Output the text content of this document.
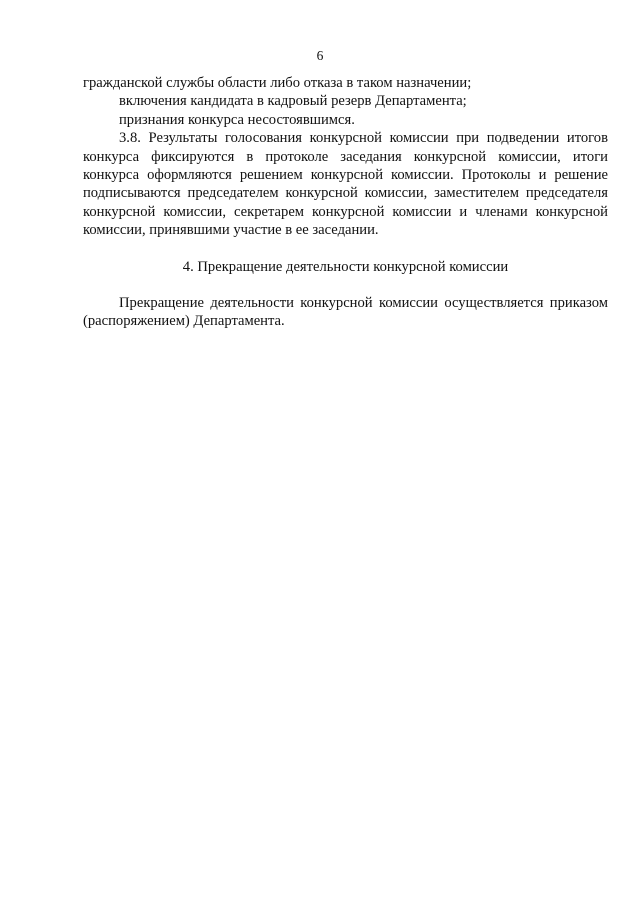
6

гражданской службы области либо отказа в таком назначении;

включения кандидата в кадровый резерв Департамента;

признания конкурса несостоявшимся.

3.8. Результаты голосования конкурсной комиссии при подведении итогов конкурса фиксируются в протоколе заседания конкурсной комиссии, итоги конкурса оформляются решением конкурсной комиссии. Протоколы и решение подписываются председателем конкурсной комиссии, заместителем председателя конкурсной комиссии, секретарем конкурсной комиссии и членами конкурсной комиссии, принявшими участие в ее заседании.

4. Прекращение деятельности конкурсной комиссии

Прекращение деятельности конкурсной комиссии осуществляется приказом (распоряжением) Департамента.
